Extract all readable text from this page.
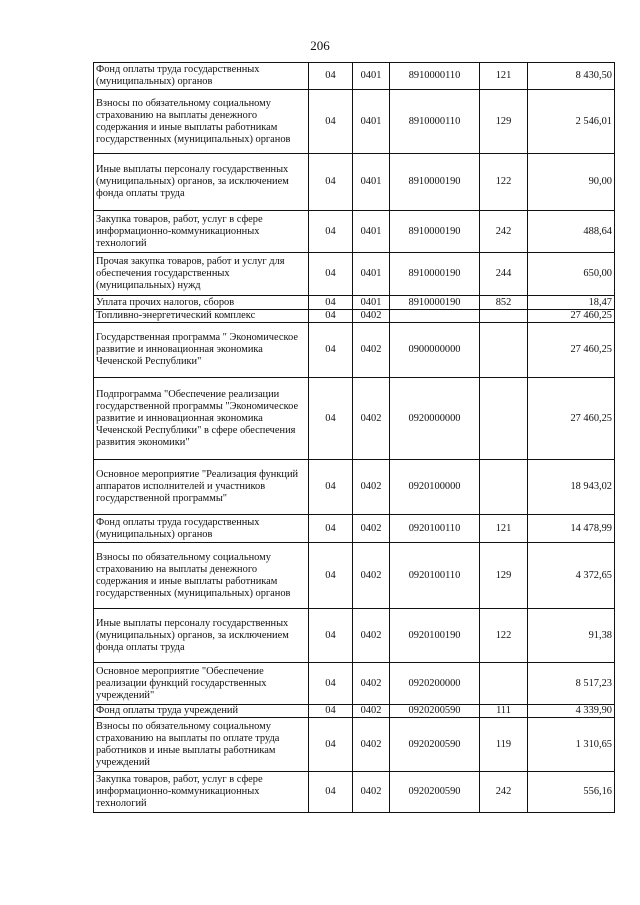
206
Фонд оплаты труда государственных (муниципальных) органов	04	0401	8910000110	121	8 430,50
Взносы по обязательному социальному страхованию на выплаты денежного содержания и иные выплаты работникам государственных (муниципальных) органов	04	0401	8910000110	129	2 546,01
Иные выплаты персоналу государственных (муниципальных) органов, за исключением фонда оплаты труда	04	0401	8910000190	122	90,00
Закупка товаров, работ, услуг в сфере информационно-коммуникационных технологий	04	0401	8910000190	242	488,64
Прочая закупка товаров, работ и услуг для обеспечения государственных (муниципальных) нужд	04	0401	8910000190	244	650,00
Уплата прочих налогов, сборов	04	0401	8910000190	852	18,47
Топливно-энергетический комплекс	04	0402			27 460,25
Государственная программа " Экономическое развитие и инновационная экономика Чеченской Республики"	04	0402	0900000000		27 460,25
Подпрограмма "Обеспечение реализации государственной программы "Экономическое развитие и инновационная экономика Чеченской Республики" в сфере обеспечения развития экономики"	04	0402	0920000000		27 460,25
Основное мероприятие "Реализация функций аппаратов исполнителей и участников государственной программы"	04	0402	0920100000		18 943,02
Фонд оплаты труда государственных (муниципальных) органов	04	0402	0920100110	121	14 478,99
Взносы по обязательному социальному страхованию на выплаты денежного содержания и иные выплаты работникам государственных (муниципальных) органов	04	0402	0920100110	129	4 372,65
Иные выплаты персоналу государственных (муниципальных) органов, за исключением фонда оплаты труда	04	0402	0920100190	122	91,38
Основное мероприятие "Обеспечение реализации функций государственных учреждений"	04	0402	0920200000		8 517,23
Фонд оплаты труда учреждений	04	0402	0920200590	111	4 339,90
Взносы по обязательному социальному страхованию на выплаты по оплате труда работников и иные выплаты работникам учреждений	04	0402	0920200590	119	1 310,65
Закупка товаров, работ, услуг в сфере информационно-коммуникационных технологий	04	0402	0920200590	242	556,16
